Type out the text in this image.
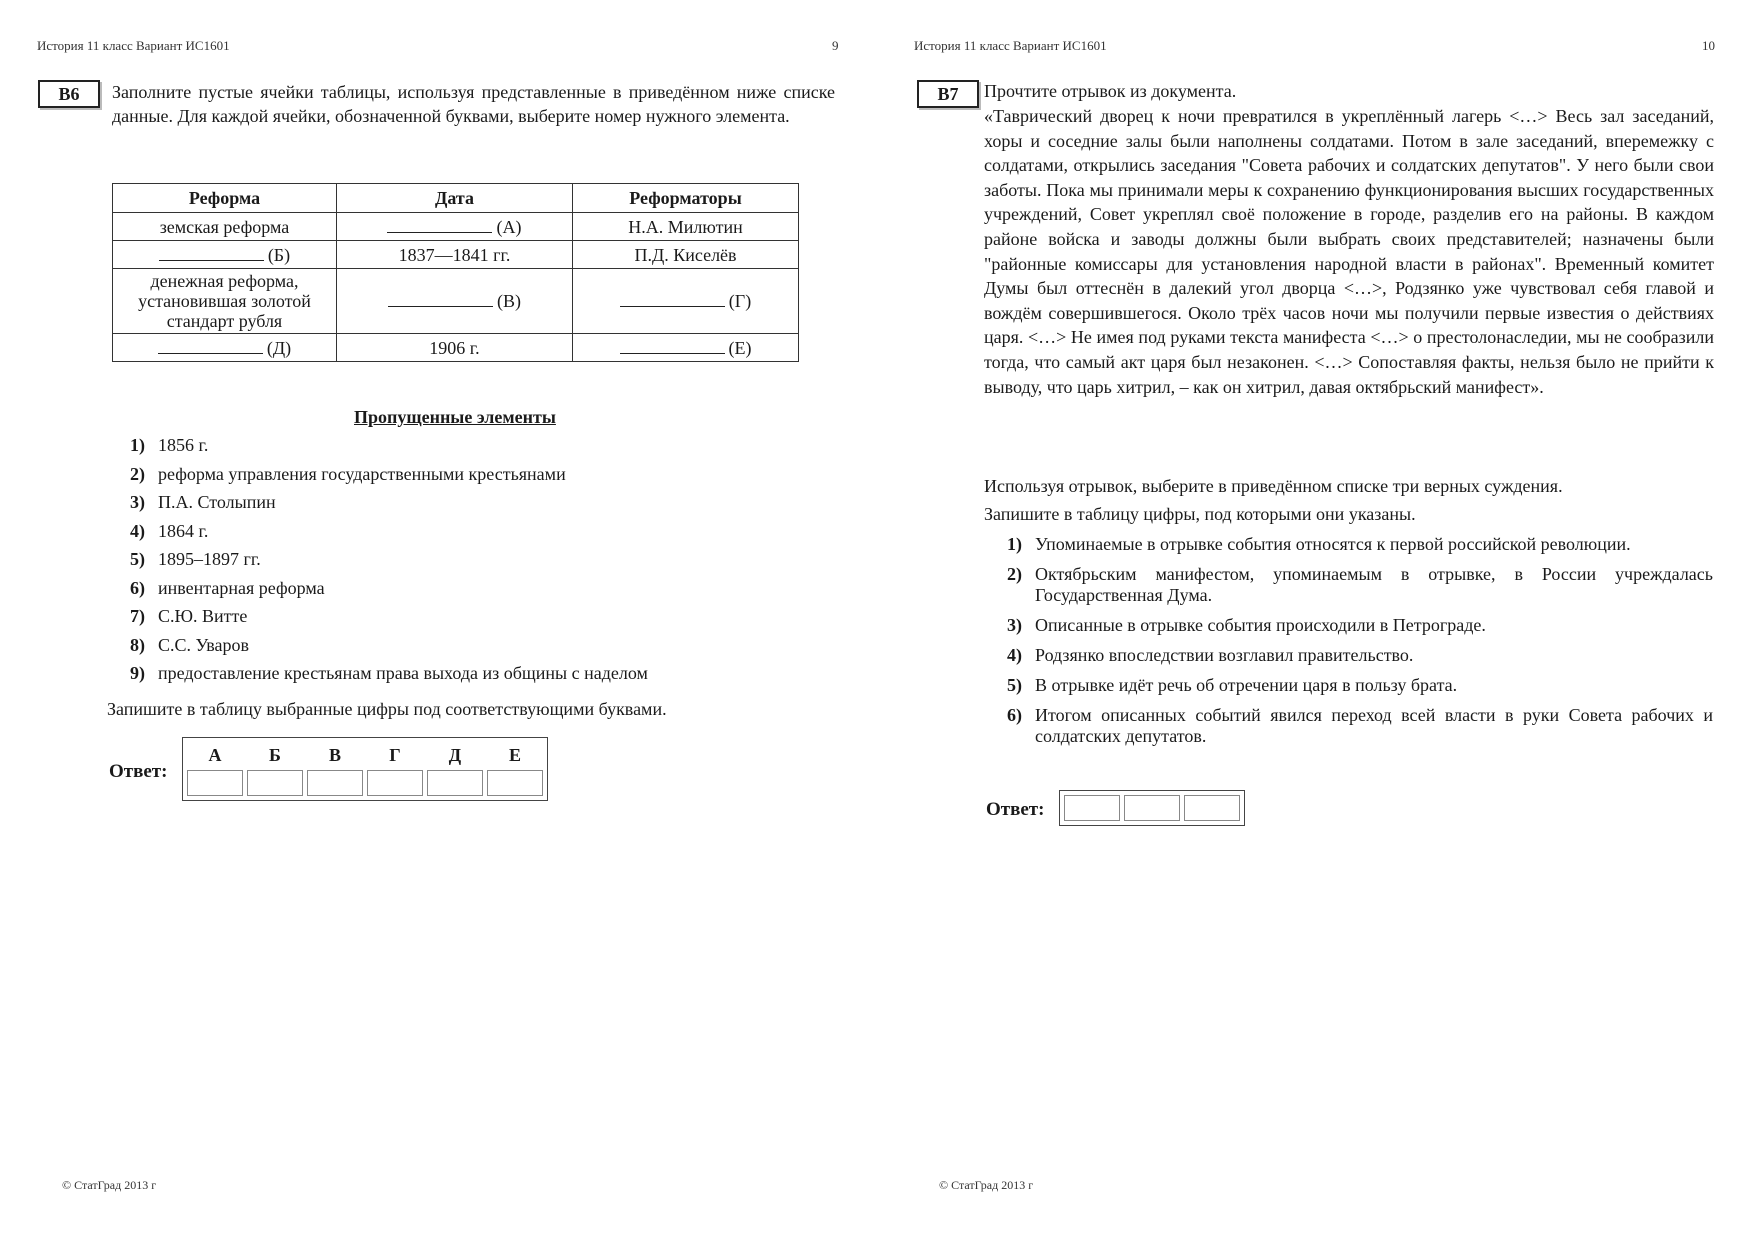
История 11 класс Вариант ИС1601	9
В6	Заполните пустые ячейки таблицы, используя представленные в приведённом ниже списке данные. Для каждой ячейки, обозначенной буквами, выберите номер нужного элемента.
Реформа	Дата	Реформаторы
земская реформа	(А)	Н.А. Милютин
(Б)	1837—1841 гг.	П.Д. Киселёв
денежная реформа, установившая золотой стандарт рубля	(В)	(Г)
(Д)	1906 г.	(Е)
Пропущенные элементы
1) 1856 г.
2) реформа управления государственными крестьянами
3) П.А. Столыпин
4) 1864 г.
5) 1895–1897 гг.
6) инвентарная реформа
7) С.Ю. Витте
8) С.С. Уваров
9) предоставление крестьянам права выхода из общины с наделом
Запишите в таблицу выбранные цифры под соответствующими буквами.
Ответ:
А	Б	В	Г	Д	Е
© СтатГрад 2013 г
История 11 класс Вариант ИС1601	10
В7	Прочтите отрывок из документа.
«Таврический дворец к ночи превратился в укреплённый лагерь <…> Весь зал заседаний, хоры и соседние залы были наполнены солдатами. Потом в зале заседаний, вперемежку с солдатами, открылись заседания "Совета рабочих и солдатских депутатов". У него были свои заботы. Пока мы принимали меры к сохранению функционирования высших государственных учреждений, Совет укреплял своё положение в городе, разделив его на районы. В каждом районе войска и заводы должны были выбрать своих представителей; назначены были "районные комиссары для установления народной власти в районах". Временный комитет Думы был оттеснён в далекий угол дворца <…>, Родзянко уже чувствовал себя главой и вождём совершившегося. Около трёх часов ночи мы получили первые известия о действиях царя. <…> Не имея под руками текста манифеста <…> о престолонаследии, мы не сообразили тогда, что самый акт царя был незаконен. <…> Сопоставляя факты, нельзя было не прийти к выводу, что царь хитрил, – как он хитрил, давая октябрьский манифест».
Используя отрывок, выберите в приведённом списке три верных суждения.
Запишите в таблицу цифры, под которыми они указаны.
1) Упоминаемые в отрывке события относятся к первой российской революции.
2) Октябрьским манифестом, упоминаемым в отрывке, в России учреждалась Государственная Дума.
3) Описанные в отрывке события происходили в Петрограде.
4) Родзянко впоследствии возглавил правительство.
5) В отрывке идёт речь об отречении царя в пользу брата.
6) Итогом описанных событий явился переход всей власти в руки Совета рабочих и солдатских депутатов.
Ответ:
© СтатГрад 2013 г
